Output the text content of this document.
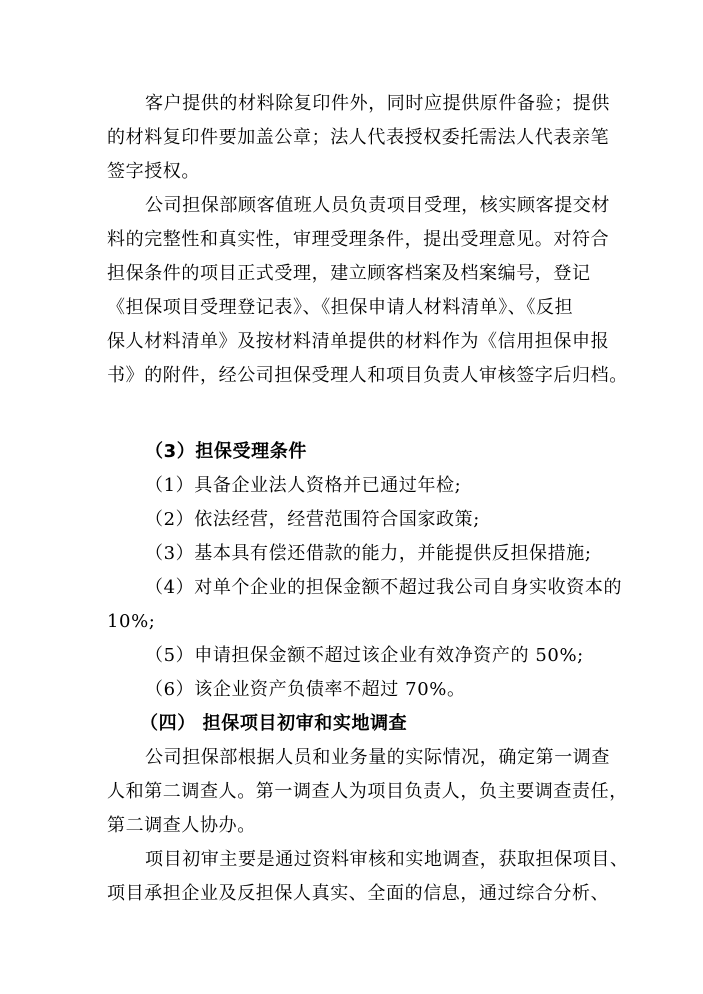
客户提供的材料除复印件外，同时应提供原件备验；提供
的材料复印件要加盖公章；法人代表授权委托需法人代表亲笔
签字授权。
公司担保部顾客值班人员负责项目受理，核实顾客提交材
料的完整性和真实性，审理受理条件，提出受理意见。对符合
担保条件的项目正式受理，建立顾客档案及档案编号，登记
《担保项目受理登记表》、《担保申请人材料清单》、《反担
保人材料清单》及按材料清单提供的材料作为《信用担保申报
书》的附件，经公司担保受理人和项目负责人审核签字后归档。
（3）担保受理条件
（1）具备企业法人资格并已通过年检;
（2）依法经营，经营范围符合国家政策;
（3）基本具有偿还借款的能力，并能提供反担保措施;
（4）对单个企业的担保金额不超过我公司自身实收资本的
10%;
（5）申请担保金额不超过该企业有效净资产的 50%;
（6）该企业资产负债率不超过 70%。
（四） 担保项目初审和实地调查
公司担保部根据人员和业务量的实际情况，确定第一调查
人和第二调查人。第一调查人为项目负责人，负主要调查责任，
第二调查人协办。
项目初审主要是通过资料审核和实地调查，获取担保项目、
项目承担企业及反担保人真实、全面的信息，通过综合分析、
